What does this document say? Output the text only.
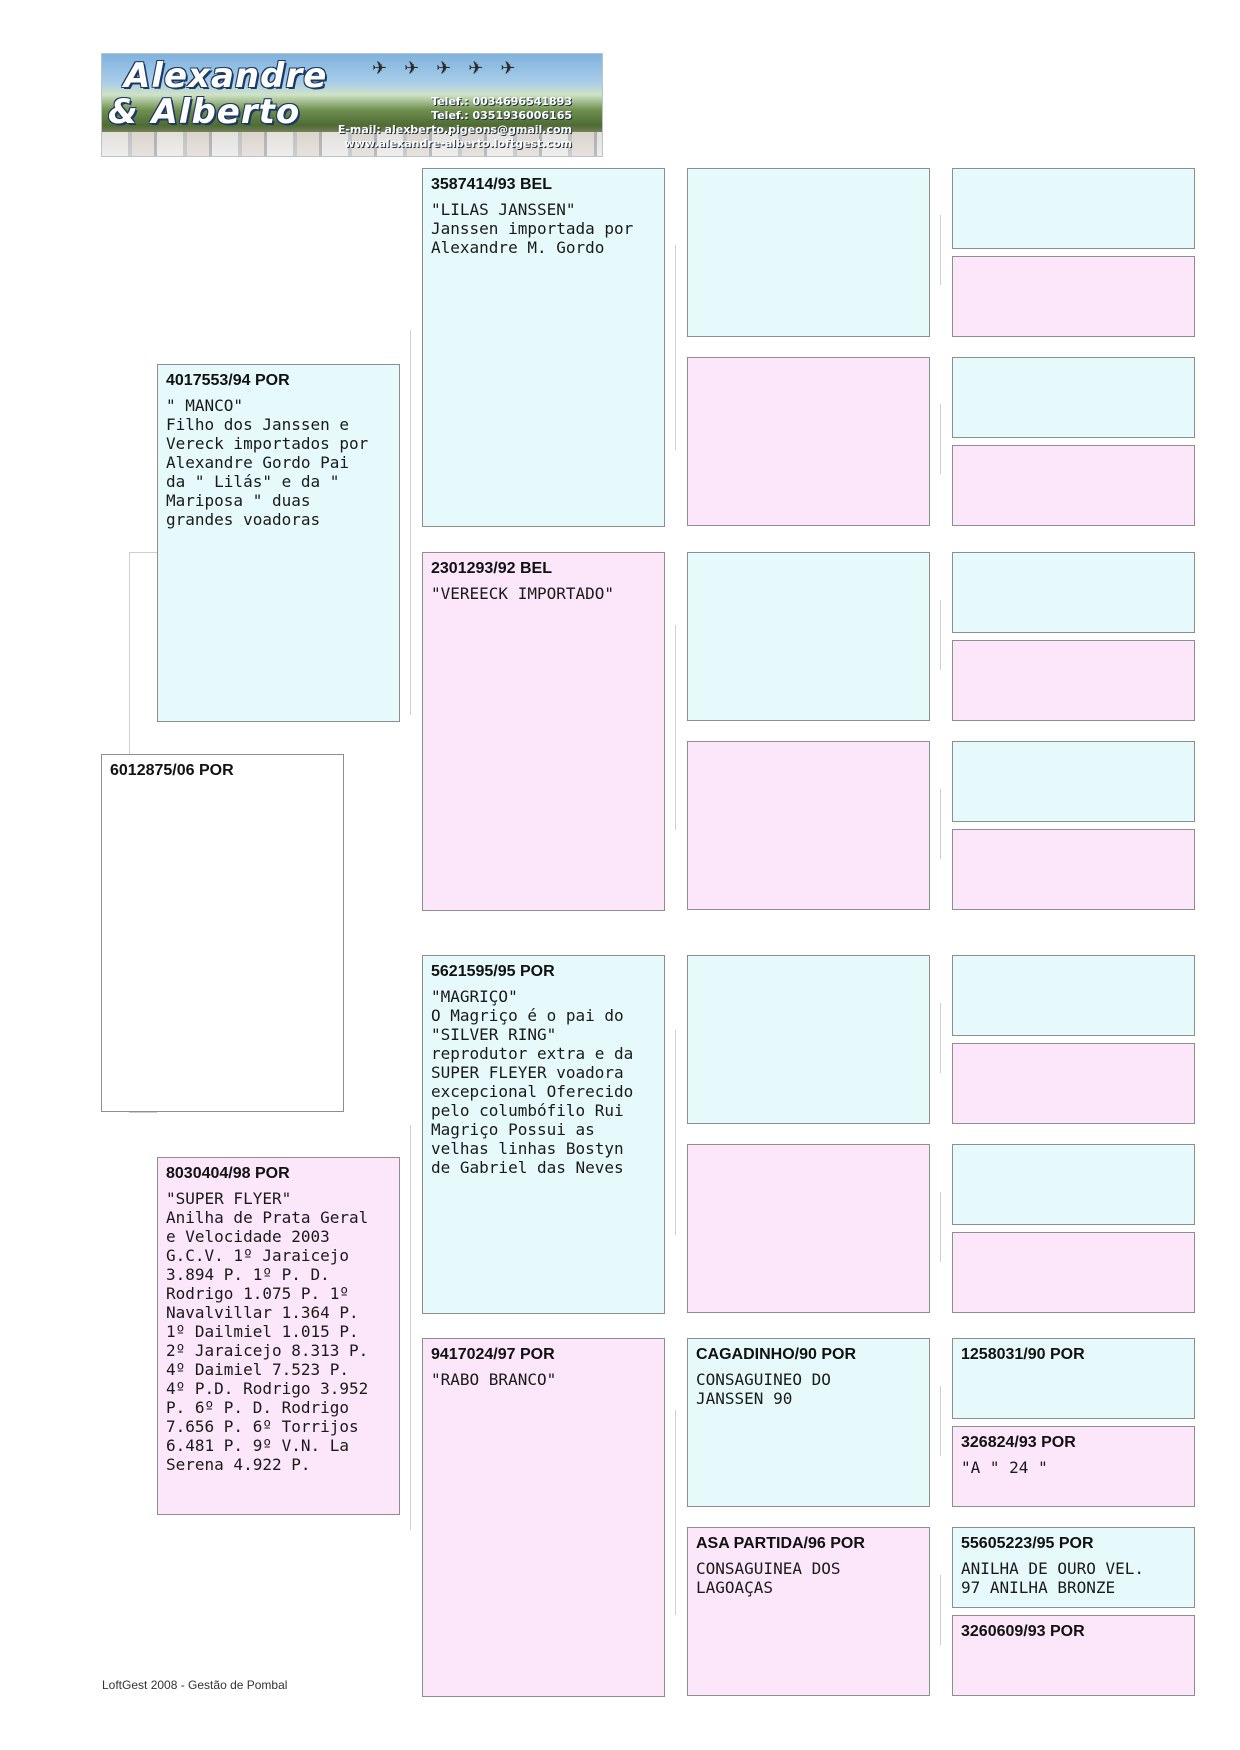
✈ ✈ ✈ ✈ ✈
Alexandre
& Alberto	Telef.: 0034696541893
Telef.: 0351936006165
E-mail: alexberto.pigeons@gmail.com
www.alexandre-alberto.loftgest.com
6012875/06 POR
4017553/94 POR
" MANCO"
Filho dos Janssen e
Vereck importados por
Alexandre Gordo Pai
da " Lilás" e da "
Mariposa " duas
grandes voadoras
8030404/98 POR
"SUPER FLYER"
Anilha de Prata Geral
e Velocidade 2003
G.C.V. 1º Jaraicejo
3.894 P. 1º P. D.
Rodrigo 1.075 P. 1º
Navalvillar 1.364 P.
1º Dailmiel 1.015 P.
2º Jaraicejo 8.313 P.
4º Daimiel 7.523 P.
4º P.D. Rodrigo 3.952
P. 6º P. D. Rodrigo
7.656 P. 6º Torrijos
6.481 P. 9º V.N. La
Serena 4.922 P.
3587414/93 BEL
"LILAS JANSSEN"
Janssen importada por
Alexandre M. Gordo
2301293/92 BEL
"VEREECK IMPORTADO"
5621595/95 POR
"MAGRIÇO"
O Magriço é o pai do
"SILVER RING"
reprodutor extra e da
SUPER FLEYER voadora
excepcional Oferecido
pelo columbófilo Rui
Magriço Possui as
velhas linhas Bostyn
de Gabriel das Neves
9417024/97 POR
"RABO BRANCO"
CAGADINHO/90 POR
CONSAGUINEO DO
JANSSEN 90
ASA PARTIDA/96 POR
CONSAGUINEA DOS
LAGOAÇAS
1258031/90 POR
326824/93 POR
"A " 24 "
55605223/95 POR
ANILHA DE OURO VEL.
97 ANILHA BRONZE
3260609/93 POR
LoftGest 2008 - Gestão de Pombal
